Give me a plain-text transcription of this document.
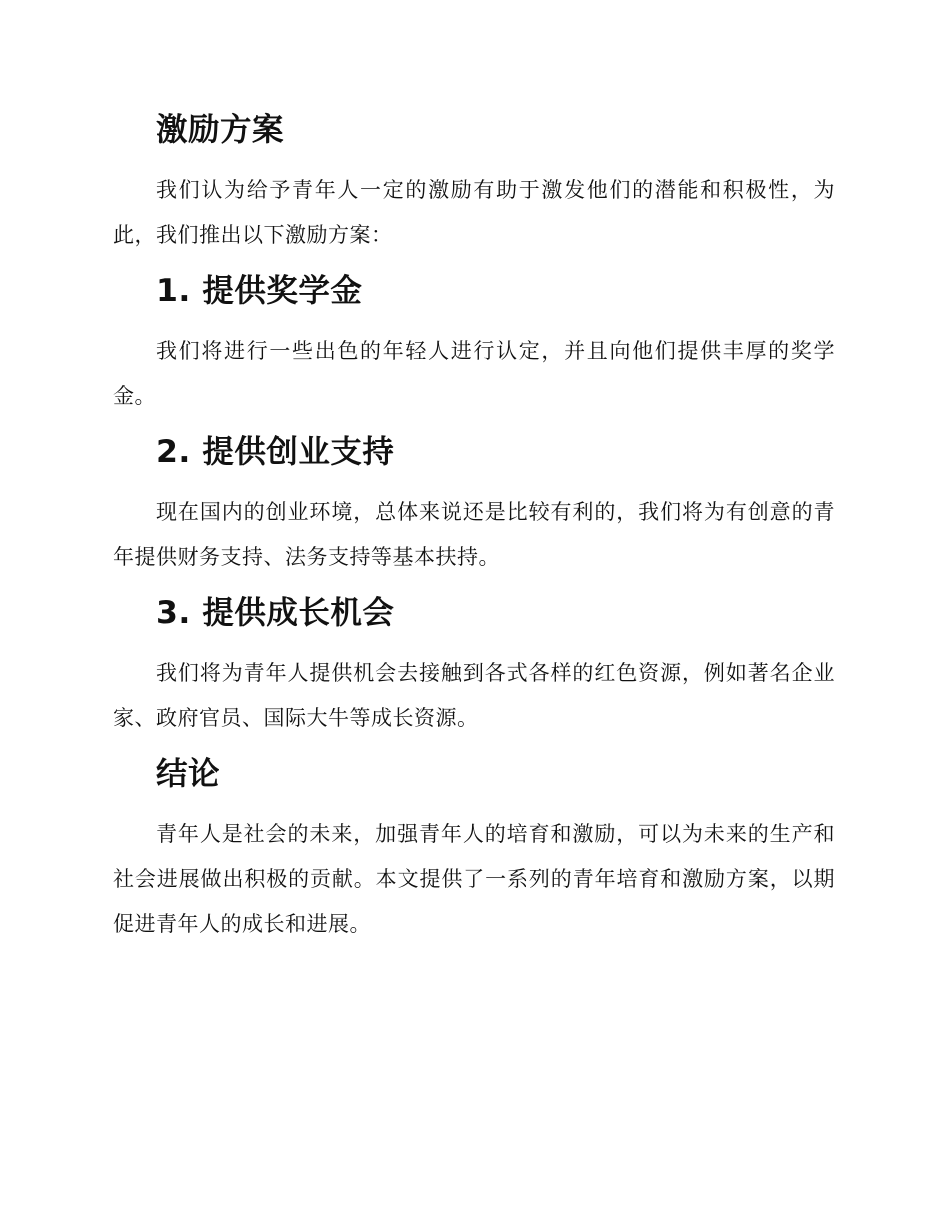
激励方案

我们认为给予青年人一定的激励有助于激发他们的潜能和积极性，为此，我们推出以下激励方案：

1. 提供奖学金

我们将进行一些出色的年轻人进行认定，并且向他们提供丰厚的奖学金。

2. 提供创业支持

现在国内的创业环境，总体来说还是比较有利的，我们将为有创意的青年提供财务支持、法务支持等基本扶持。

3. 提供成长机会

我们将为青年人提供机会去接触到各式各样的红色资源，例如著名企业家、政府官员、国际大牛等成长资源。

结论

青年人是社会的未来，加强青年人的培育和激励，可以为未来的生产和社会进展做出积极的贡献。本文提供了一系列的青年培育和激励方案，以期促进青年人的成长和进展。
